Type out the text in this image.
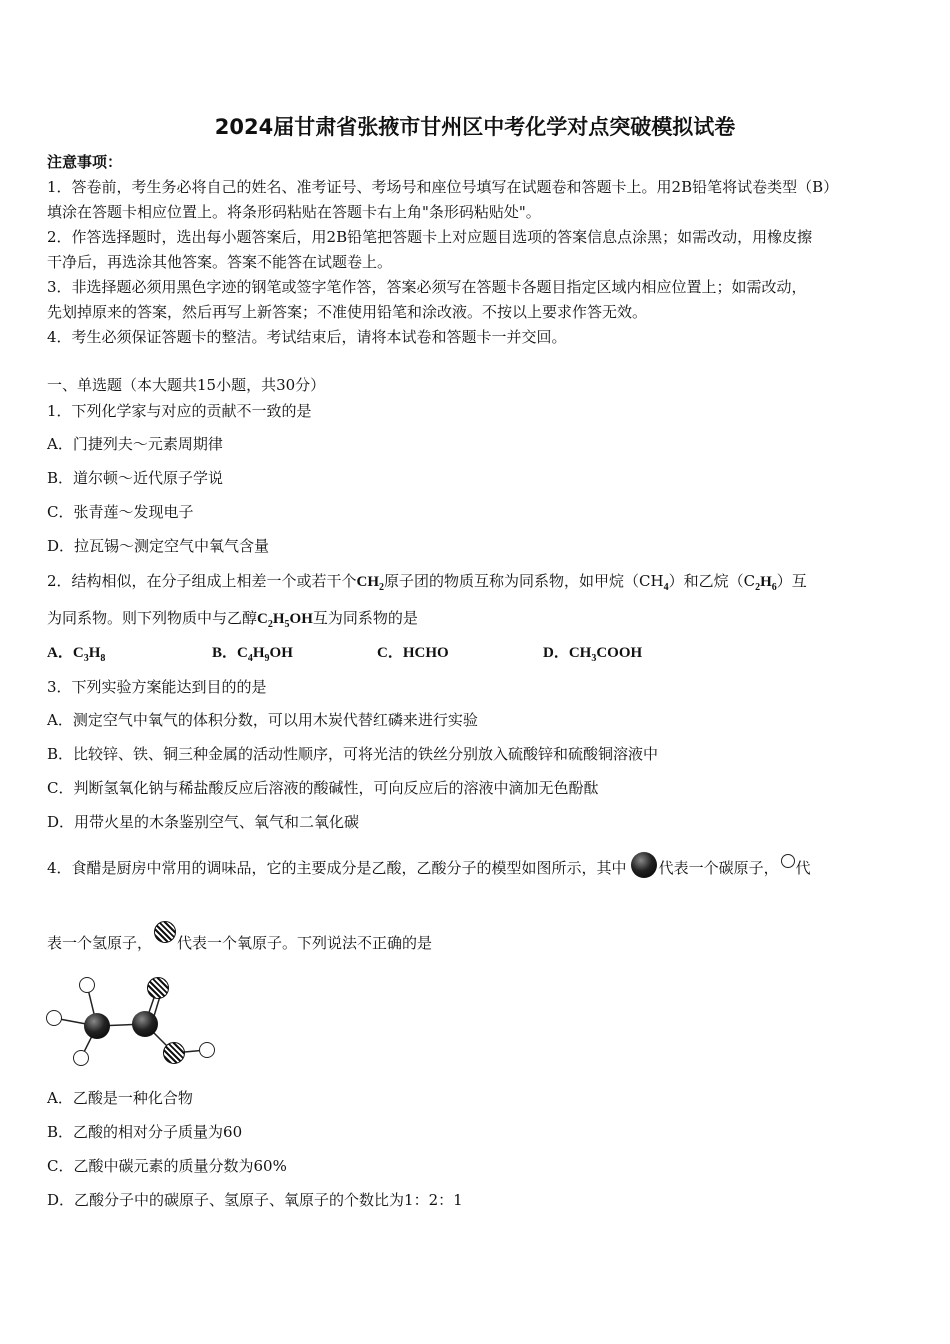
2024届甘肃省张掖市甘州区中考化学对点突破模拟试卷
注意事项：
1．答卷前，考生务必将自己的姓名、准考证号、考场号和座位号填写在试题卷和答题卡上。用2B铅笔将试卷类型（B）
填涂在答题卡相应位置上。将条形码粘贴在答题卡右上角"条形码粘贴处"。
2．作答选择题时，选出每小题答案后，用2B铅笔把答题卡上对应题目选项的答案信息点涂黑；如需改动，用橡皮擦
干净后，再选涂其他答案。答案不能答在试题卷上。
3．非选择题必须用黑色字迹的钢笔或签字笔作答，答案必须写在答题卡各题目指定区域内相应位置上；如需改动，
先划掉原来的答案，然后再写上新答案；不准使用铅笔和涂改液。不按以上要求作答无效。
4．考生必须保证答题卡的整洁。考试结束后，请将本试卷和答题卡一并交回。
一、单选题（本大题共15小题，共30分）
1．下列化学家与对应的贡献不一致的是
A．门捷列夫～元素周期律
B．道尔顿～近代原子学说
C．张青莲～发现电子
D．拉瓦锡～测定空气中氧气含量
2．结构相似，在分子组成上相差一个或若干个$CH_2$原子团的物质互称为同系物，如甲烷$(CH_4)$和乙烷$(C_2H_6)$互
为同系物。则下列物质中与乙醇$C_2H_5OH$互为同系物的是
A．$C_3H_8$	B．$C_4H_9OH$	C．HCHO	D．$CH_3COOH$
3．下列实验方案能达到目的的是
A．测定空气中氧气的体积分数，可以用木炭代替红磷来进行实验
B．比较锌、铁、铜三种金属的活动性顺序，可将光洁的铁丝分别放入硫酸锌和硫酸铜溶液中
C．判断氢氧化钠与稀盐酸反应后溶液的酸碱性，可向反应后的溶液中滴加无色酚酞
D．用带火星的木条鉴别空气、氧气和二氧化碳
4．食醋是厨房中常用的调味品，它的主要成分是乙酸，乙酸分子的模型如图所示，其中 代表一个碳原子， 代
表一个氢原子， 代表一个氧原子。下列说法不正确的是
A．乙酸是一种化合物
B．乙酸的相对分子质量为60
C．乙酸中碳元素的质量分数为60%
D．乙酸分子中的碳原子、氢原子、氧原子的个数比为1：2：1
